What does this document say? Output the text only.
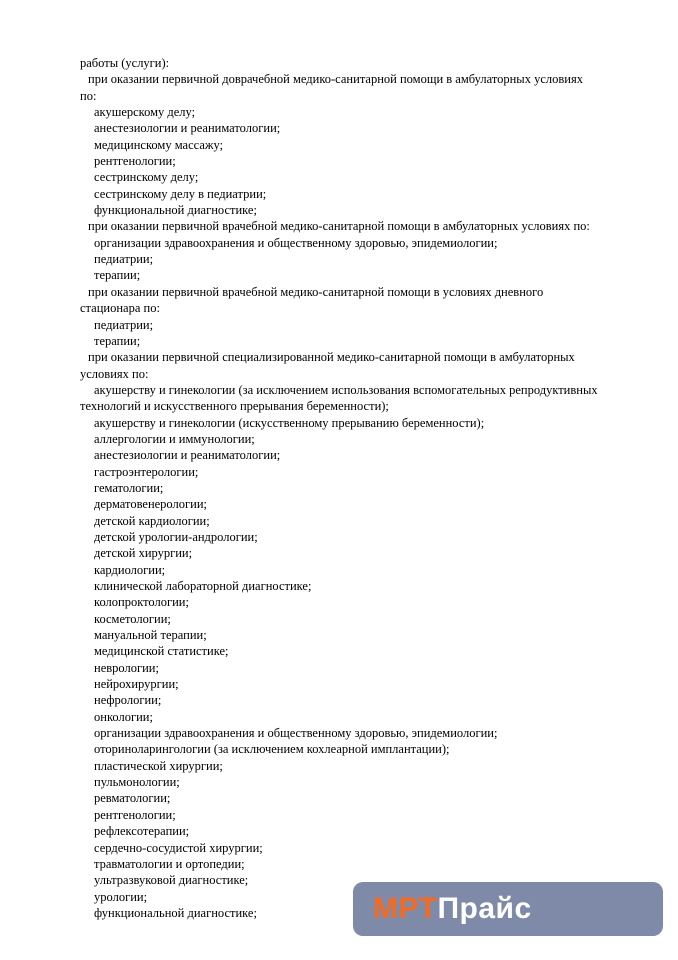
работы (услуги):
при оказании первичной доврачебной медико-санитарной помощи в амбулаторных условиях
по:
акушерскому делу;
анестезиологии и реаниматологии;
медицинскому массажу;
рентгенологии;
сестринскому делу;
сестринскому делу в педиатрии;
функциональной диагностике;
при оказании первичной врачебной медико-санитарной помощи в амбулаторных условиях по:
организации здравоохранения и общественному здоровью, эпидемиологии;
педиатрии;
терапии;
при оказании первичной врачебной медико-санитарной помощи в условиях дневного
стационара по:
педиатрии;
терапии;
при оказании первичной специализированной медико-санитарной помощи в амбулаторных
условиях по:
акушерству и гинекологии (за исключением использования вспомогательных репродуктивных
технологий и искусственного прерывания беременности);
акушерству и гинекологии (искусственному прерыванию беременности);
аллергологии и иммунологии;
анестезиологии и реаниматологии;
гастроэнтерологии;
гематологии;
дерматовенерологии;
детской кардиологии;
детской урологии-андрологии;
детской хирургии;
кардиологии;
клинической лабораторной диагностике;
колопроктологии;
косметологии;
мануальной терапии;
медицинской статистике;
неврологии;
нейрохирургии;
нефрологии;
онкологии;
организации здравоохранения и общественному здоровью, эпидемиологии;
оториноларингологии (за исключением кохлеарной имплантации);
пластической хирургии;
пульмонологии;
ревматологии;
рентгенологии;
рефлексотерапии;
сердечно-сосудистой хирургии;
травматологии и ортопедии;
ультразвуковой диагностике;
урологии;
функциональной диагностике;	МРТПрайс
